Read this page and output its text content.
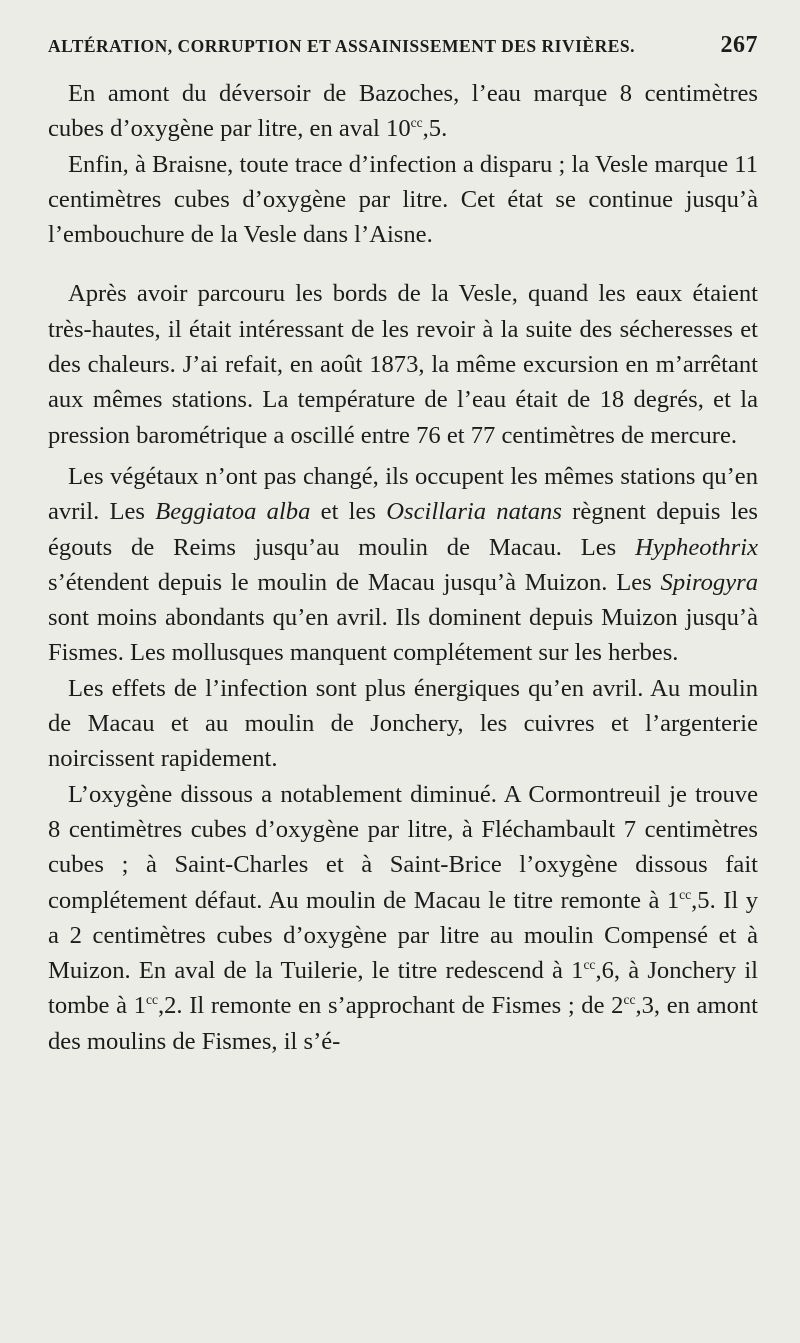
ALTÉRATION, CORRUPTION ET ASSAINISSEMENT DES RIVIÈRES.	267

En amont du déversoir de Bazoches, l’eau marque 8 centimètres cubes d’oxygène par litre, en aval $10^{cc},5$.

Enfin, à Braisne, toute trace d’infection a disparu ; la Vesle marque 11 centimètres cubes d’oxygène par litre. Cet état se continue jusqu’à l’embouchure de la Vesle dans l’Aisne.

Après avoir parcouru les bords de la Vesle, quand les eaux étaient très-hautes, il était intéressant de les revoir à la suite des sécheresses et des chaleurs. J’ai refait, en août 1873, la même excursion en m’arrêtant aux mêmes stations. La température de l’eau était de 18 degrés, et la pression barométrique a oscillé entre 76 et 77 centimètres de mercure.

Les végétaux n’ont pas changé, ils occupent les mêmes stations qu’en avril. Les Beggiatoa alba et les Oscillaria natans règnent depuis les égouts de Reims jusqu’au moulin de Macau. Les Hypheothrix s’étendent depuis le moulin de Macau jusqu’à Muizon. Les Spirogyra sont moins abondants qu’en avril. Ils dominent depuis Muizon jusqu’à Fismes. Les mollusques manquent complétement sur les herbes.

Les effets de l’infection sont plus énergiques qu’en avril. Au moulin de Macau et au moulin de Jonchery, les cuivres et l’argenterie noircissent rapidement.

L’oxygène dissous a notablement diminué. A Cormontreuil je trouve 8 centimètres cubes d’oxygène par litre, à Fléchambault 7 centimètres cubes ; à Saint-Charles et à Saint-Brice l’oxygène dissous fait complétement défaut. Au moulin de Macau le titre remonte à $1^{cc},5$. Il y a 2 centimètres cubes d’oxygène par litre au moulin Compensé et à Muizon. En aval de la Tuilerie, le titre redescend à $1^{cc},6$, à Jonchery il tombe à $1^{cc},2$. Il remonte en s’approchant de Fismes ; de $2^{cc},3$, en amont des moulins de Fismes, il s’é-
